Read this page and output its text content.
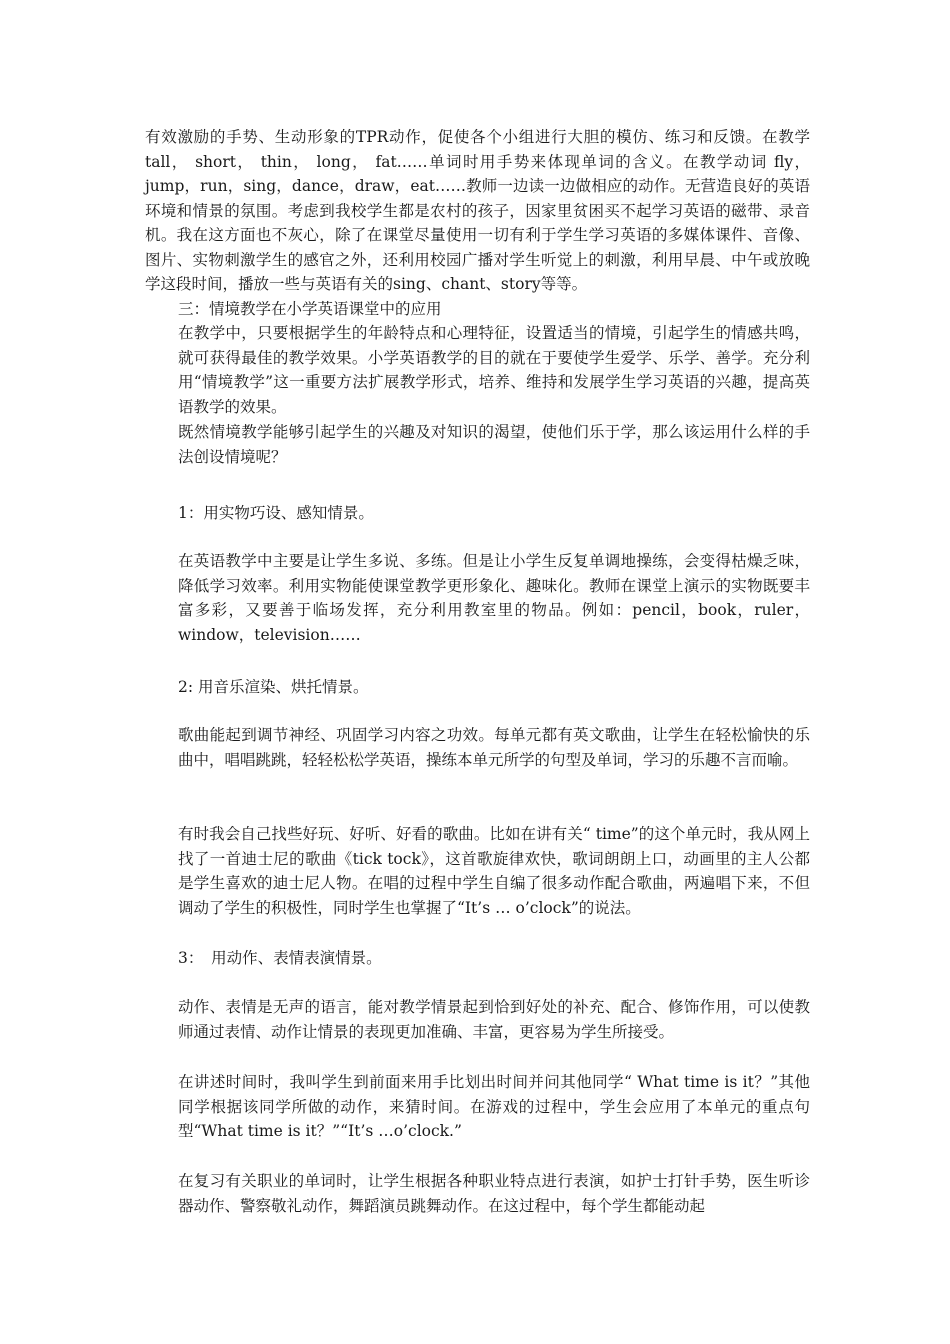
有效激励的手势、生动形象的TPR动作，促使各个小组进行大胆的模仿、练习和反馈。在教学 tall， short， thin， long， fat……单词时用手势来体现单词的含义。在教学动词 fly，jump，run，sing，dance，draw，eat……教师一边读一边做相应的动作。无营造良好的英语环境和情景的氛围。考虑到我校学生都是农村的孩子，因家里贫困买不起学习英语的磁带、录音机。我在这方面也不灰心，除了在课堂尽量使用一切有利于学生学习英语的多媒体课件、音像、图片、实物刺激学生的感官之外，还利用校园广播对学生听觉上的刺激，利用早晨、中午或放晚学这段时间，播放一些与英语有关的sing、chant、story等等。
三：情境教学在小学英语课堂中的应用
在教学中，只要根据学生的年龄特点和心理特征，设置适当的情境，引起学生的情感共鸣，就可获得最佳的教学效果。小学英语教学的目的就在于要使学生爱学、乐学、善学。充分利用“情境教学”这一重要方法扩展教学形式，培养、维持和发展学生学习英语的兴趣，提高英语教学的效果。
既然情境教学能够引起学生的兴趣及对知识的渴望，使他们乐于学，那么该运用什么样的手法创设情境呢？
1：用实物巧设、感知情景。
在英语教学中主要是让学生多说、多练。但是让小学生反复单调地操练，会变得枯燥乏味，降低学习效率。利用实物能使课堂教学更形象化、趣味化。教师在课堂上演示的实物既要丰富多彩，又要善于临场发挥，充分利用教室里的物品。例如：pencil，book，ruler，window，television……
2: 用音乐渲染、烘托情景。
歌曲能起到调节神经、巩固学习内容之功效。每单元都有英文歌曲，让学生在轻松愉快的乐曲中，唱唱跳跳，轻轻松松学英语，操练本单元所学的句型及单词，学习的乐趣不言而喻。
有时我会自己找些好玩、好听、好看的歌曲。比如在讲有关“ time”的这个单元时，我从网上找了一首迪士尼的歌曲《tick tock》，这首歌旋律欢快，歌词朗朗上口，动画里的主人公都是学生喜欢的迪士尼人物。在唱的过程中学生自编了很多动作配合歌曲，两遍唱下来，不但调动了学生的积极性，同时学生也掌握了“It’s … o’clock”的说法。
3：　用动作、表情表演情景。
动作、表情是无声的语言，能对教学情景起到恰到好处的补充、配合、修饰作用，可以使教师通过表情、动作让情景的表现更加准确、丰富，更容易为学生所接受。
在讲述时间时，我叫学生到前面来用手比划出时间并问其他同学“ What time is it？”其他同学根据该同学所做的动作，来猜时间。在游戏的过程中，学生会应用了本单元的重点句型“What time is it？”“It’s …o’clock.”
在复习有关职业的单词时，让学生根据各种职业特点进行表演，如护士打针手势，医生听诊器动作、警察敬礼动作，舞蹈演员跳舞动作。在这过程中，每个学生都能动起
